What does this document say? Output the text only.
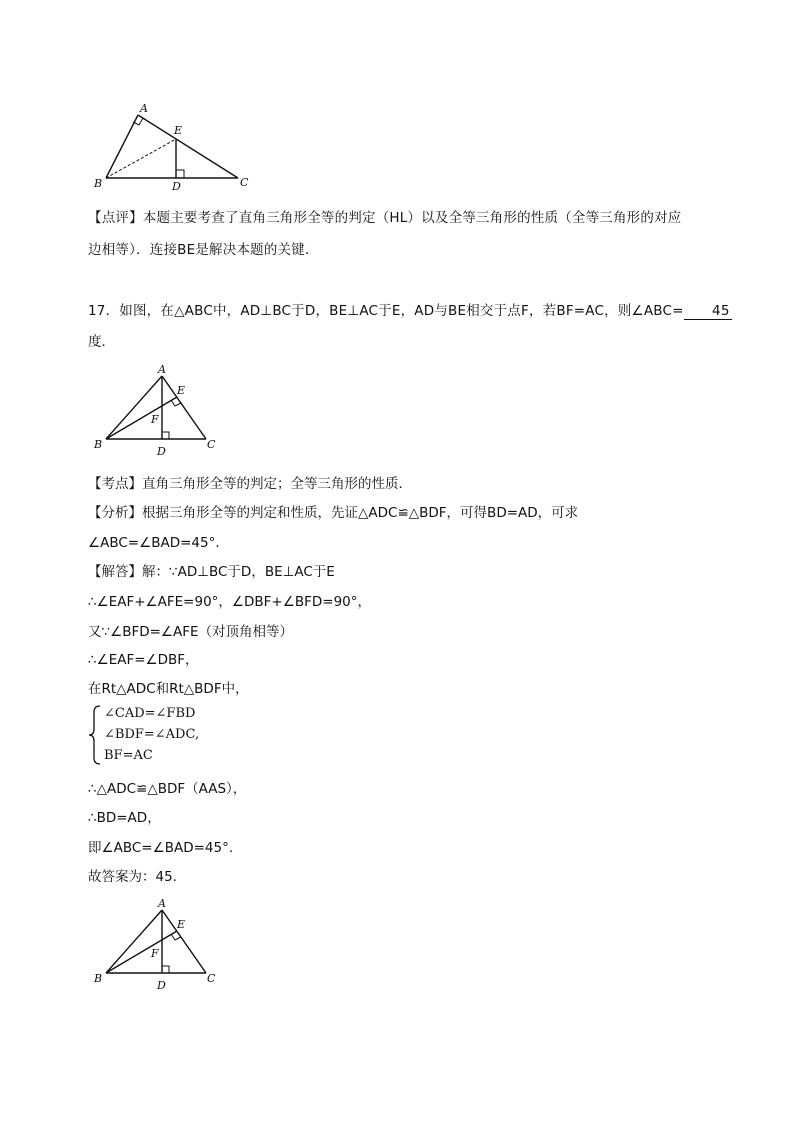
A
E
B	D	C
【点评】本题主要考查了直角三角形全等的判定（HL）以及全等三角形的性质（全等三角形的对应
边相等）．连接BE是解决本题的关键．
17．如图，在△ABC中，AD⊥BC于D，BE⊥AC于E，AD与BE相交于点F，若BF=AC，则∠ABC= 45
度．
A
E
F
B
D
C
【考点】直角三角形全等的判定；全等三角形的性质．
【分析】根据三角形全等的判定和性质，先证△ADC≌△BDF，可得BD=AD，可求
∠ABC=∠BAD=45°．
【解答】解：∵AD⊥BC于D，BE⊥AC于E
∴∠EAF+∠AFE=90°，∠DBF+∠BFD=90°，
又∵∠BFD=∠AFE（对顶角相等）
∴∠EAF=∠DBF，
在Rt△ADC和Rt△BDF中，
∠CAD=∠FBD
∠BDF=∠ADC,
BF=AC
∴△ADC≌△BDF（AAS），
∴BD=AD，
即∠ABC=∠BAD=45°．
故答案为：45．
A
E
F
B
D
C
